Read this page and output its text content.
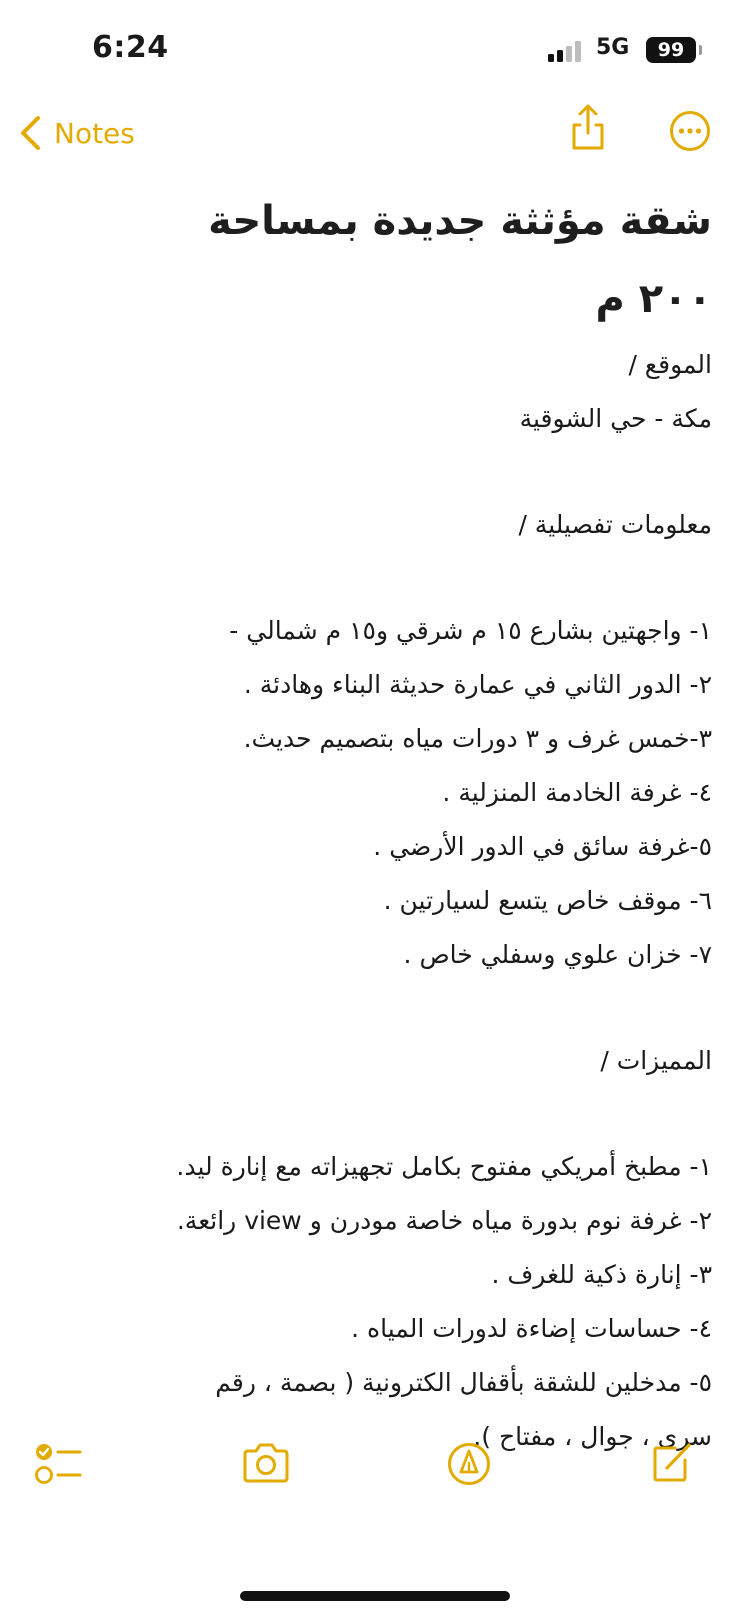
6:24	5G	99
Notes
شقة مؤثثة جديدة بمساحة
٢٠٠ م
الموقع /
مكة - حي الشوقية
معلومات تفصيلية /
١- واجهتين بشارع ١٥ م شرقي و١٥ م شمالي -
٢- الدور الثاني في عمارة حديثة البناء وهادئة .
٣-خمس غرف و ٣ دورات مياه بتصميم حديث.
٤- غرفة الخادمة المنزلية .
٥-غرفة سائق في الدور الأرضي .
٦- موقف خاص يتسع لسيارتين .
٧- خزان علوي وسفلي خاص .
المميزات /
١- مطبخ أمريكي مفتوح بكامل تجهيزاته مع إنارة ليد.
٢- غرفة نوم بدورة مياه خاصة مودرن و view رائعة.
٣- إنارة ذكية للغرف .
٤- حساسات إضاءة لدورات المياه .
٥- مدخلين للشقة بأقفال الكترونية ( بصمة ، رقم
سرى ، جوال ، مفتاح ).
